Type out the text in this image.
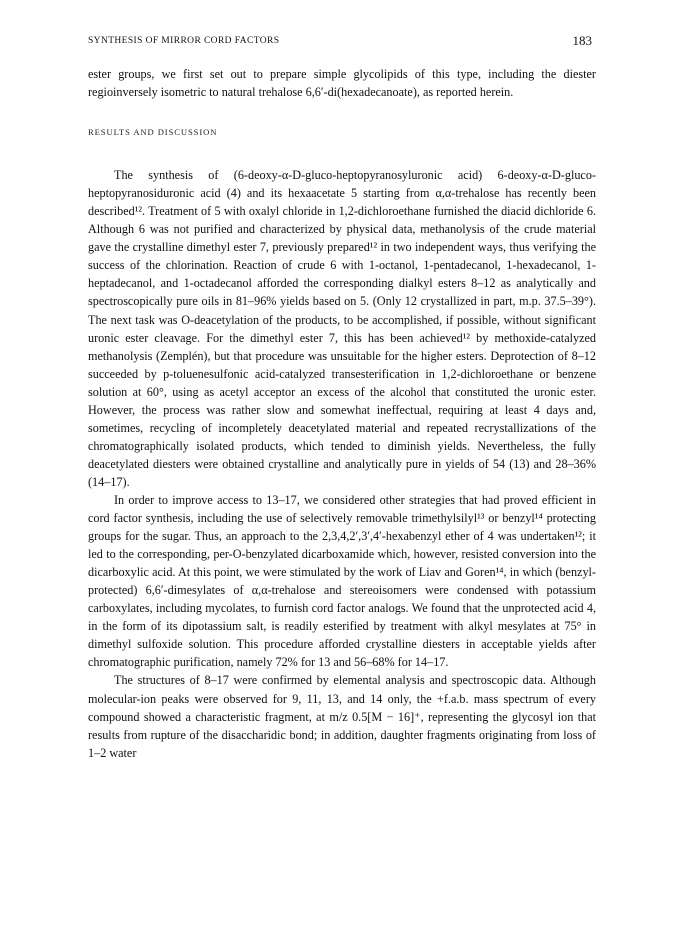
SYNTHESIS OF MIRROR CORD FACTORS	183

ester groups, we first set out to prepare simple glycolipids of this type, including the diester regioinversely isometric to natural trehalose 6,6′-di(hexadecanoate), as reported herein.

RESULTS AND DISCUSSION

The synthesis of (6-deoxy-α-D-gluco-heptopyranosyluronic acid) 6-deoxy-α-D-gluco-heptopyranosiduronic acid (4) and its hexaacetate 5 starting from α,α-trehalose has recently been described¹². Treatment of 5 with oxalyl chloride in 1,2-dichloroethane furnished the diacid dichloride 6. Although 6 was not purified and characterized by physical data, methanolysis of the crude material gave the crystalline dimethyl ester 7, previously prepared¹² in two independent ways, thus verifying the success of the chlorination. Reaction of crude 6 with 1-octanol, 1-pentadecanol, 1-hexadecanol, 1-heptadecanol, and 1-octadecanol afforded the corresponding dialkyl esters 8–12 as analytically and spectroscopically pure oils in 81–96% yields based on 5. (Only 12 crystallized in part, m.p. 37.5–39°). The next task was O-deacetylation of the products, to be accomplished, if possible, without significant uronic ester cleavage. For the dimethyl ester 7, this has been achieved¹² by methoxide-catalyzed methanolysis (Zemplén), but that procedure was unsuitable for the higher esters. Deprotection of 8–12 succeeded by p-toluenesulfonic acid-catalyzed transesterification in 1,2-dichloroethane or benzene solution at 60°, using as acetyl acceptor an excess of the alcohol that constituted the uronic ester. However, the process was rather slow and somewhat ineffectual, requiring at least 4 days and, sometimes, recycling of incompletely deacetylated material and repeated recrystallizations of the chromatographically isolated products, which tended to diminish yields. Nevertheless, the fully deacetylated diesters were obtained crystalline and analytically pure in yields of 54 (13) and 28–36% (14–17).

In order to improve access to 13–17, we considered other strategies that had proved efficient in cord factor synthesis, including the use of selectively removable trimethylsilyl¹³ or benzyl¹⁴ protecting groups for the sugar. Thus, an approach to the 2,3,4,2′,3′,4′-hexabenzyl ether of 4 was undertaken¹²; it led to the corresponding, per-O-benzylated dicarboxamide which, however, resisted conversion into the dicarboxylic acid. At this point, we were stimulated by the work of Liav and Goren¹⁴, in which (benzyl-protected) 6,6′-dimesylates of α,α-trehalose and stereoisomers were condensed with potassium carboxylates, including mycolates, to furnish cord factor analogs. We found that the unprotected acid 4, in the form of its dipotassium salt, is readily esterified by treatment with alkyl mesylates at 75° in dimethyl sulfoxide solution. This procedure afforded crystalline diesters in acceptable yields after chromatographic purification, namely 72% for 13 and 56–68% for 14–17.

The structures of 8–17 were confirmed by elemental analysis and spectroscopic data. Although molecular-ion peaks were observed for 9, 11, 13, and 14 only, the +f.a.b. mass spectrum of every compound showed a characteristic fragment, at m/z 0.5[M − 16]⁺, representing the glycosyl ion that results from rupture of the disaccharidic bond; in addition, daughter fragments originating from loss of 1–2 water
